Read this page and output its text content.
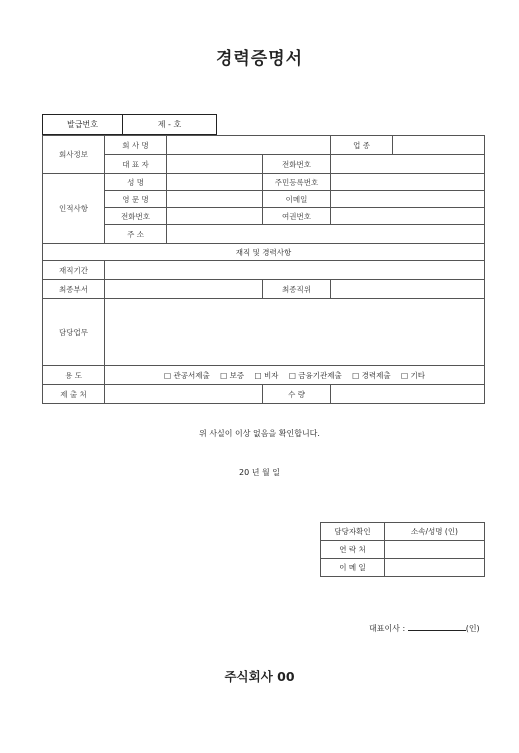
경력증명서
발급번호	제 - 호
회사정보	회 사 명			업 종	
	대 표 자		전화번호		
인적사항	성 명		주민등록번호		
	영 문 명		이메일		
	전화번호		여권번호		
	주 소				
재직 및 경력사항					
재직기간					
최종부서			최종직위		
담당업무					
용 도	□ 관공서제출 □ 보증 □ 비자 □ 금융기관제출 □ 경력제출 □ 기타				
제 출 처			수 량		
위 사실이 이상 없음을 확인합니다.
20 년 월 일
담당자확인	소속/성명 (인)
연 락 처	
이 메 일	
대표이사 :	(인)
주식회사 00
